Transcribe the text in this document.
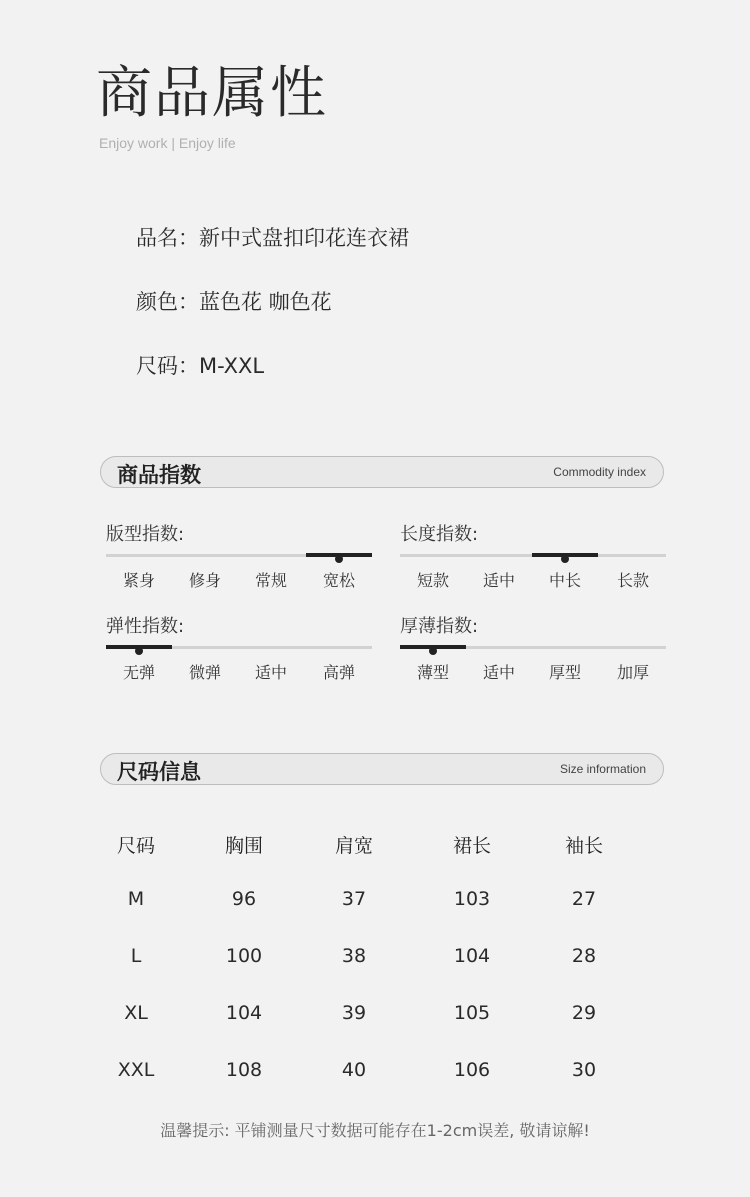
商品属性
Enjoy work | Enjoy life
品名：新中式盘扣印花连衣裙
颜色：蓝色花 咖色花
尺码：M-XXL
商品指数	Commodity index
版型指数:
紧身	修身	常规	宽松
长度指数:
短款	适中	中长	长款
弹性指数:
无弹	微弹	适中	高弹
厚薄指数:
薄型	适中	厚型	加厚
尺码信息	Size information
尺码	胸围	肩宽	裙长	袖长
M	96	37	103	27
L	100	38	104	28
XL	104	39	105	29
XXL	108	40	106	30
温馨提示: 平铺测量尺寸数据可能存在1-2cm误差, 敬请谅解!
